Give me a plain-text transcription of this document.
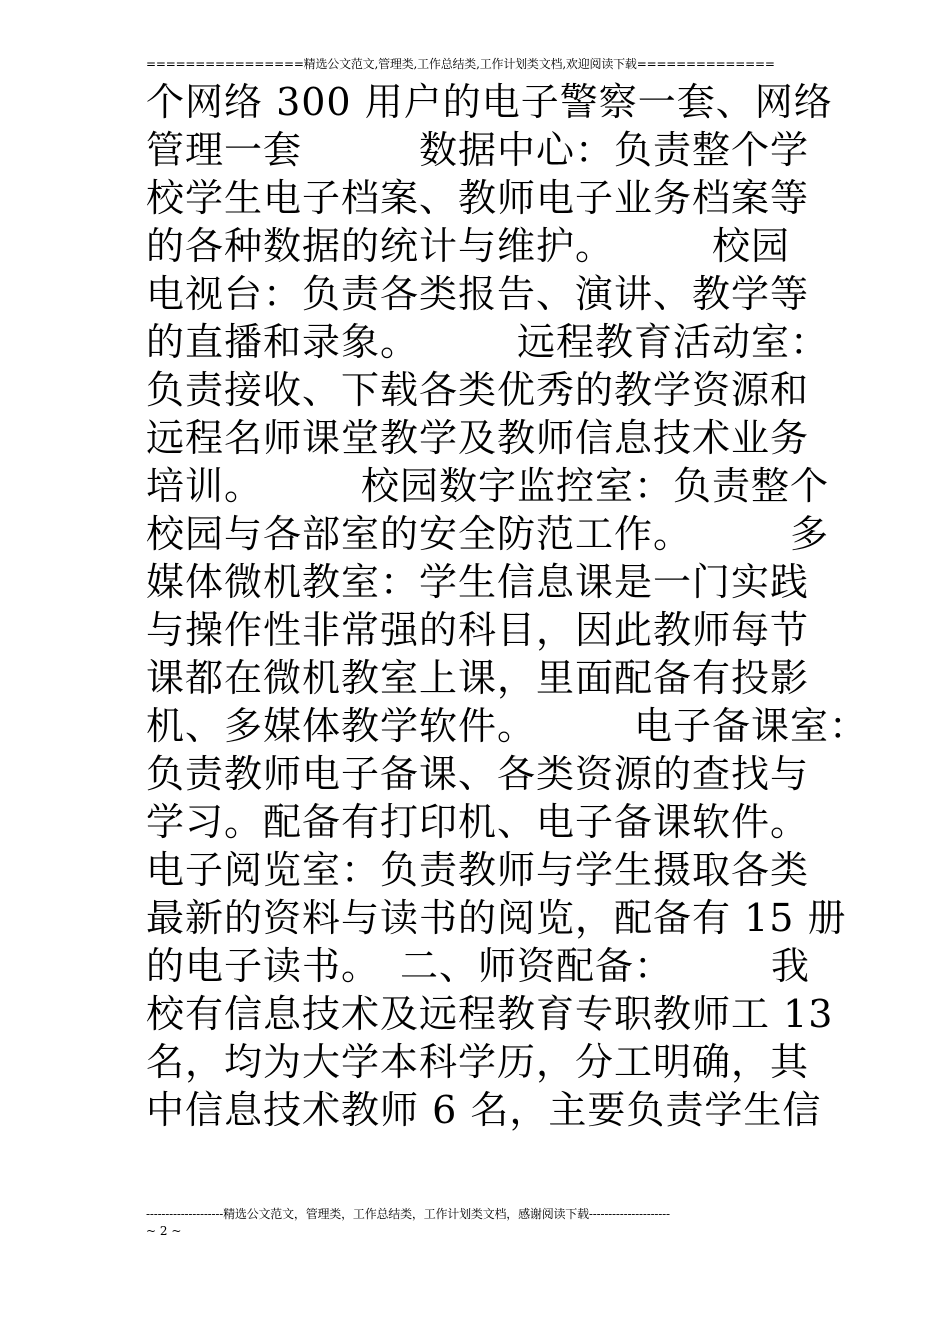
================精选公文范文,管理类,工作总结类,工作计划类文档,欢迎阅读下载==============
个网络 300 用户的电子警察一套、网络
管理一套　　　数据中心：负责整个学
校学生电子档案、教师电子业务档案等
的各种数据的统计与维护。　　　校园
电视台：负责各类报告、演讲、教学等
的直播和录象。　　　远程教育活动室：
负责接收、下载各类优秀的教学资源和
远程名师课堂教学及教师信息技术业务
培训。　　　校园数字监控室：负责整个
校园与各部室的安全防范工作。　　　多
媒体微机教室：学生信息课是一门实践
与操作性非常强的科目，因此教师每节
课都在微机教室上课，里面配备有投影
机、多媒体教学软件。　　　电子备课室：
负责教师电子备课、各类资源的查找与
学习。配备有打印机、电子备课软件。
电子阅览室：负责教师与学生摄取各类
最新的资料与读书的阅览，配备有 15 册
的电子读书。　二、师资配备：　　　我
校有信息技术及远程教育专职教师工 13
名，均为大学本科学历，分工明确，其
中信息技术教师 6 名，主要负责学生信
--------------------精选公文范文，管理类，工作总结类，工作计划类文档，感谢阅读下载---------------------
~ 2 ~
